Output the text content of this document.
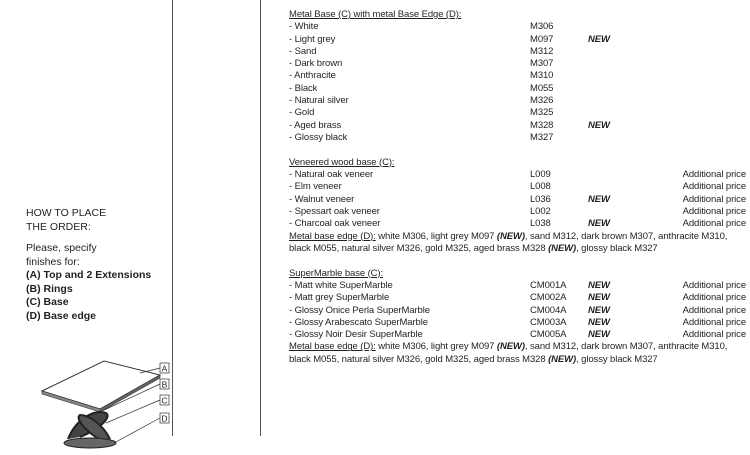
HOW TO PLACE
THE ORDER:
Please, specify
finishes for:
(A) Top and 2 Extensions
(B) Rings
(C) Base
(D) Base edge
A
B
C
D
Metal Base (C) with metal Base Edge (D):
- White	M306
- Light grey	M097	NEW
- Sand	M312
- Dark brown	M307
- Anthracite	M310
- Black	M055
- Natural silver	M326
- Gold	M325
- Aged brass	M328	NEW
- Glossy black	M327
Veneered wood base (C):
- Natural oak veneer	L009	Additional price
- Elm veneer	L008	Additional price
- Walnut veneer	L036	NEW	Additional price
- Spessart oak veneer	L002	Additional price
- Charcoal oak veneer	L038	NEW	Additional price
Metal base edge (D): white M306, light grey M097 (NEW), sand M312, dark brown M307, anthracite M310,
black M055, natural silver M326, gold M325, aged brass M328 (NEW), glossy black M327
SuperMarble base (C):
- Matt white SuperMarble	CM001A NEW	Additional price
- Matt grey SuperMarble	CM002A NEW	Additional price
- Glossy Onice Perla SuperMarble	CM004A NEW	Additional price
- Glossy Arabescato SuperMarble	CM003A NEW	Additional price
- Glossy Noir Desir SuperMarble	CM005A NEW	Additional price
Metal base edge (D): white M306, light grey M097 (NEW), sand M312, dark brown M307, anthracite M310,
black M055, natural silver M326, gold M325, aged brass M328 (NEW), glossy black M327
